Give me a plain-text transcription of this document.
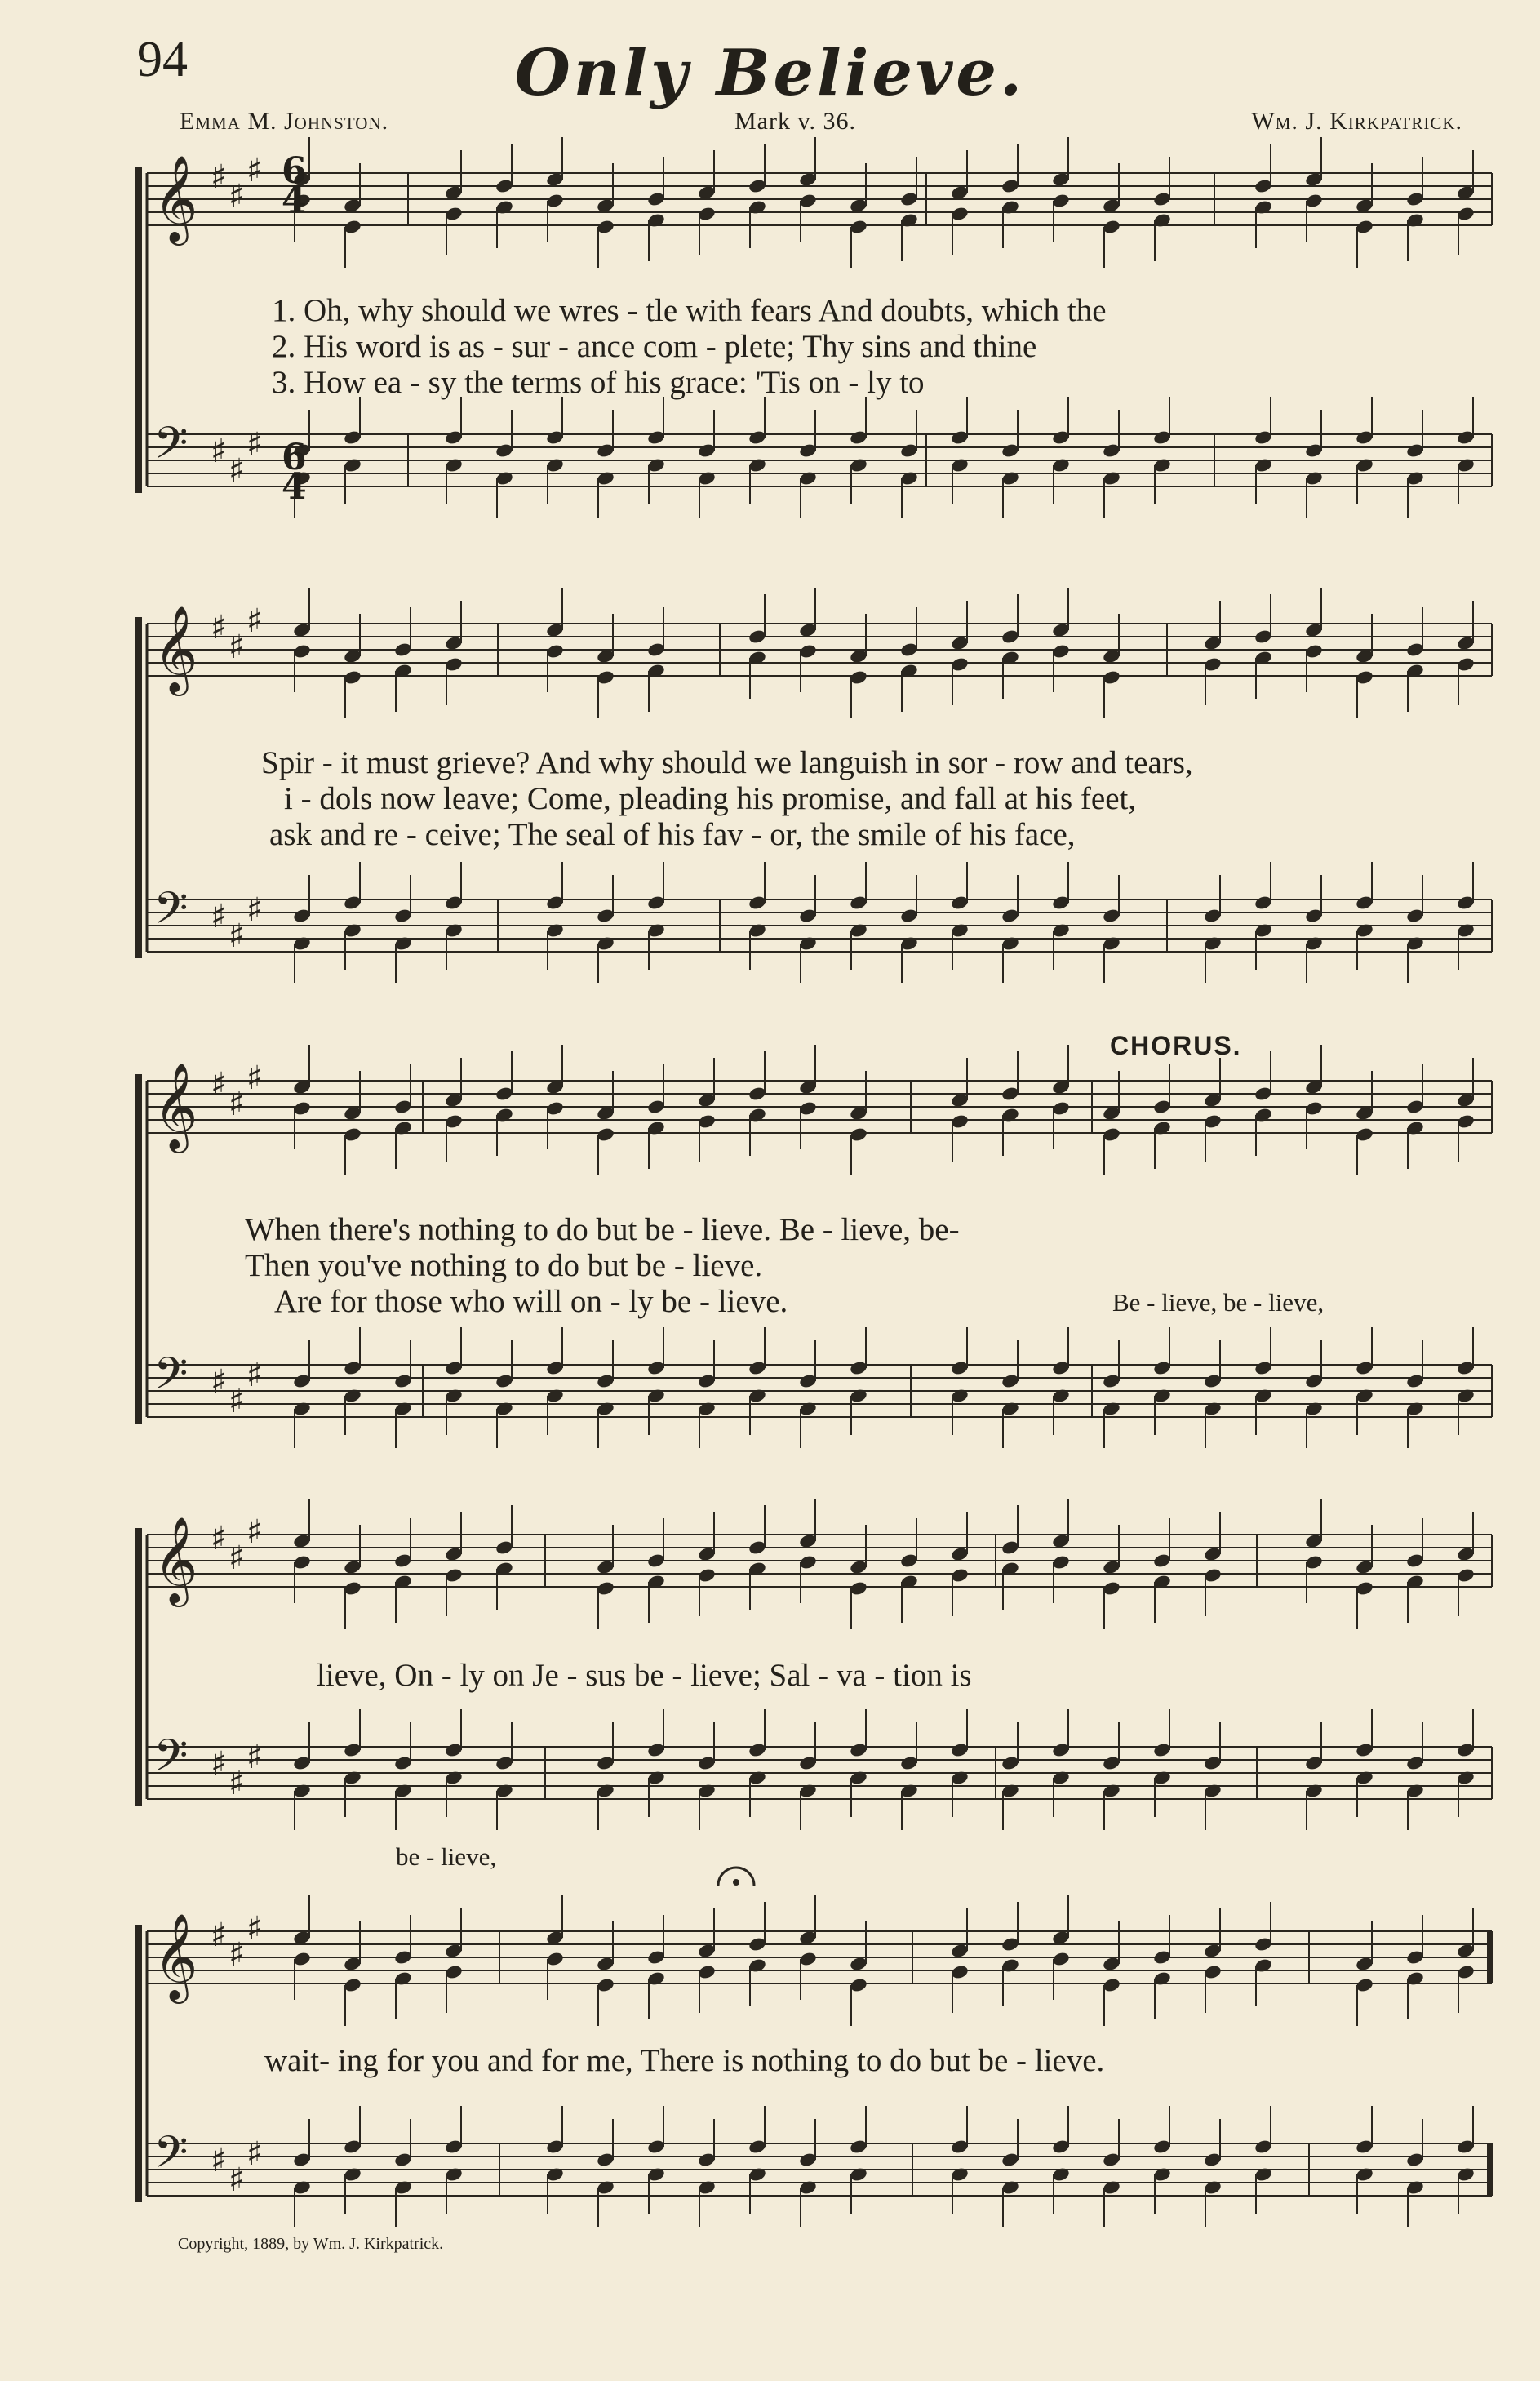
94	Only Believe.
Emma M. Johnston.	Mark v. 36.	Wm. J. Kirkpatrick.
𝄞 ♯
♯
♯
𝄢 ♯
♯
♯
𝄞 ♯
♯
♯
𝄢 ♯
♯
♯
𝄞 ♯
♯
♯
𝄢 ♯
♯
♯
𝄞 ♯
♯
♯
𝄢 ♯
♯
♯
𝄞 ♯
♯
♯
𝄢 ♯
♯
♯
6
4
6
4
1. Oh, why should we wres - tle with fears And doubts, which the
2. His word is as - sur - ance com - plete; Thy sins and thine
3. How ea - sy the terms of his grace: 'Tis on - ly to
Spir - it must grieve? And why should we languish in sor - row and tears,
i - dols now leave; Come, pleading his promise, and fall at his feet,
ask and re - ceive; The seal of his fav - or, the smile of his face,
CHORUS.
When there's nothing to do but be - lieve. Be - lieve, be-
Then you've nothing to do but be - lieve.
Are for those who will on - ly be - lieve.	Be - lieve, be - lieve,
lieve, On - ly on Je - sus be - lieve; Sal - va - tion is
be - lieve,
wait- ing for you and for me, There is nothing to do but be - lieve.
Copyright, 1889, by Wm. J. Kirkpatrick.
